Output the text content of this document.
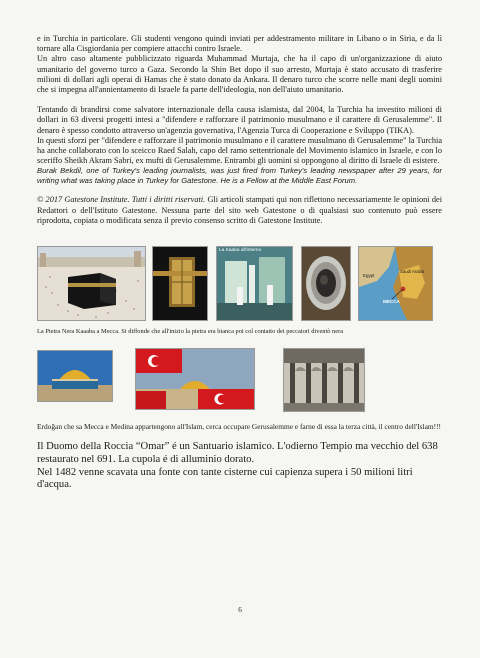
e in Turchia in particolare. Gli studenti vengono quindi inviati per addestramento militare in Libano o in Siria, e da lì tornare alla Cisgiordania per compiere attacchi contro Israele.

Un altro caso altamente pubblicizzato riguarda Muhammad Murtaja, che ha il capo di un'organizzazione di aiuto umanitario del governo turco a Gaza. Secondo la Shin Bet dopo il suo arresto, Murtaja è stato accusato di trasferire milioni di dollari agli operai di Hamas che è stato donato da Ankara. Il denaro turco che scorre nelle mani degli uomini che si impegna all'annientamento di Israele fa parte dell'ideologia, non dell'aiuto umanitario.

Tentando di brandirsi come salvatore internazionale della causa islamista, dal 2004, la Turchia ha investito milioni di dollari in 63 diversi progetti intesi a "difendere e rafforzare il patrimonio musulmano e il carattere di Gerusalemme". Il denaro è spesso condotto attraverso un'agenzia governativa, l'Agenzia Turca di Cooperazione e Sviluppo (TIKA).

In questi sforzi per "difendere e rafforzare il patrimonio musulmano e il carattere musulmano di Gerusalemme" la Turchia ha anche collaborato con lo sceicco Raed Salah, capo del ramo settentrionale del Movimento islamico in Israele, e con lo sceriffo Sheikh Akram Sabri, ex mufti di Gerusalemme. Entrambi gli uomini si oppongono al diritto di Israele di esistere.

Burak Bekdil, one of Turkey's leading journalists, was just fired from Turkey's leading newspaper after 29 years, for writing what was taking place in Turkey for Gatestone. He is a Fellow at the Middle East Forum.

© 2017 Gatestone Institute. Tutti i diritti riservati. Gli articoli stampati qui non riflettono necessariamente le opinioni dei Redattori o dell'Istituto Gatestone. Nessuna parte del sito web Gatestone o di qualsiasi suo contenuto può essere riprodotta, copiata o modificata senza il previo consenso scritto di Gatestone Institute.

La Kaaba all'interno
Egypt
Saudi Arabia
MECCA

La Pietra Nera Kaaaba a Mecca. Si diffonde che all'inizio la pietra era bianca poi col contatto dei peccatori diventò nera

Erdoğan che sa Mecca e Medina appartengono all'Islam, cerca occupare Gerusalemme e farne di essa la terza città, il centro dell'Islam!!!

Il Duomo della Roccia “Omar” é un Santuario islamico. L'odierno Tempio ma vecchio del 638 restaurato nel 691. La cupola é di alluminio dorato.

Nel 1482 venne scavata una fonte con tante cisterne cui capienza supera i 50 milioni litri d'acqua.

6
